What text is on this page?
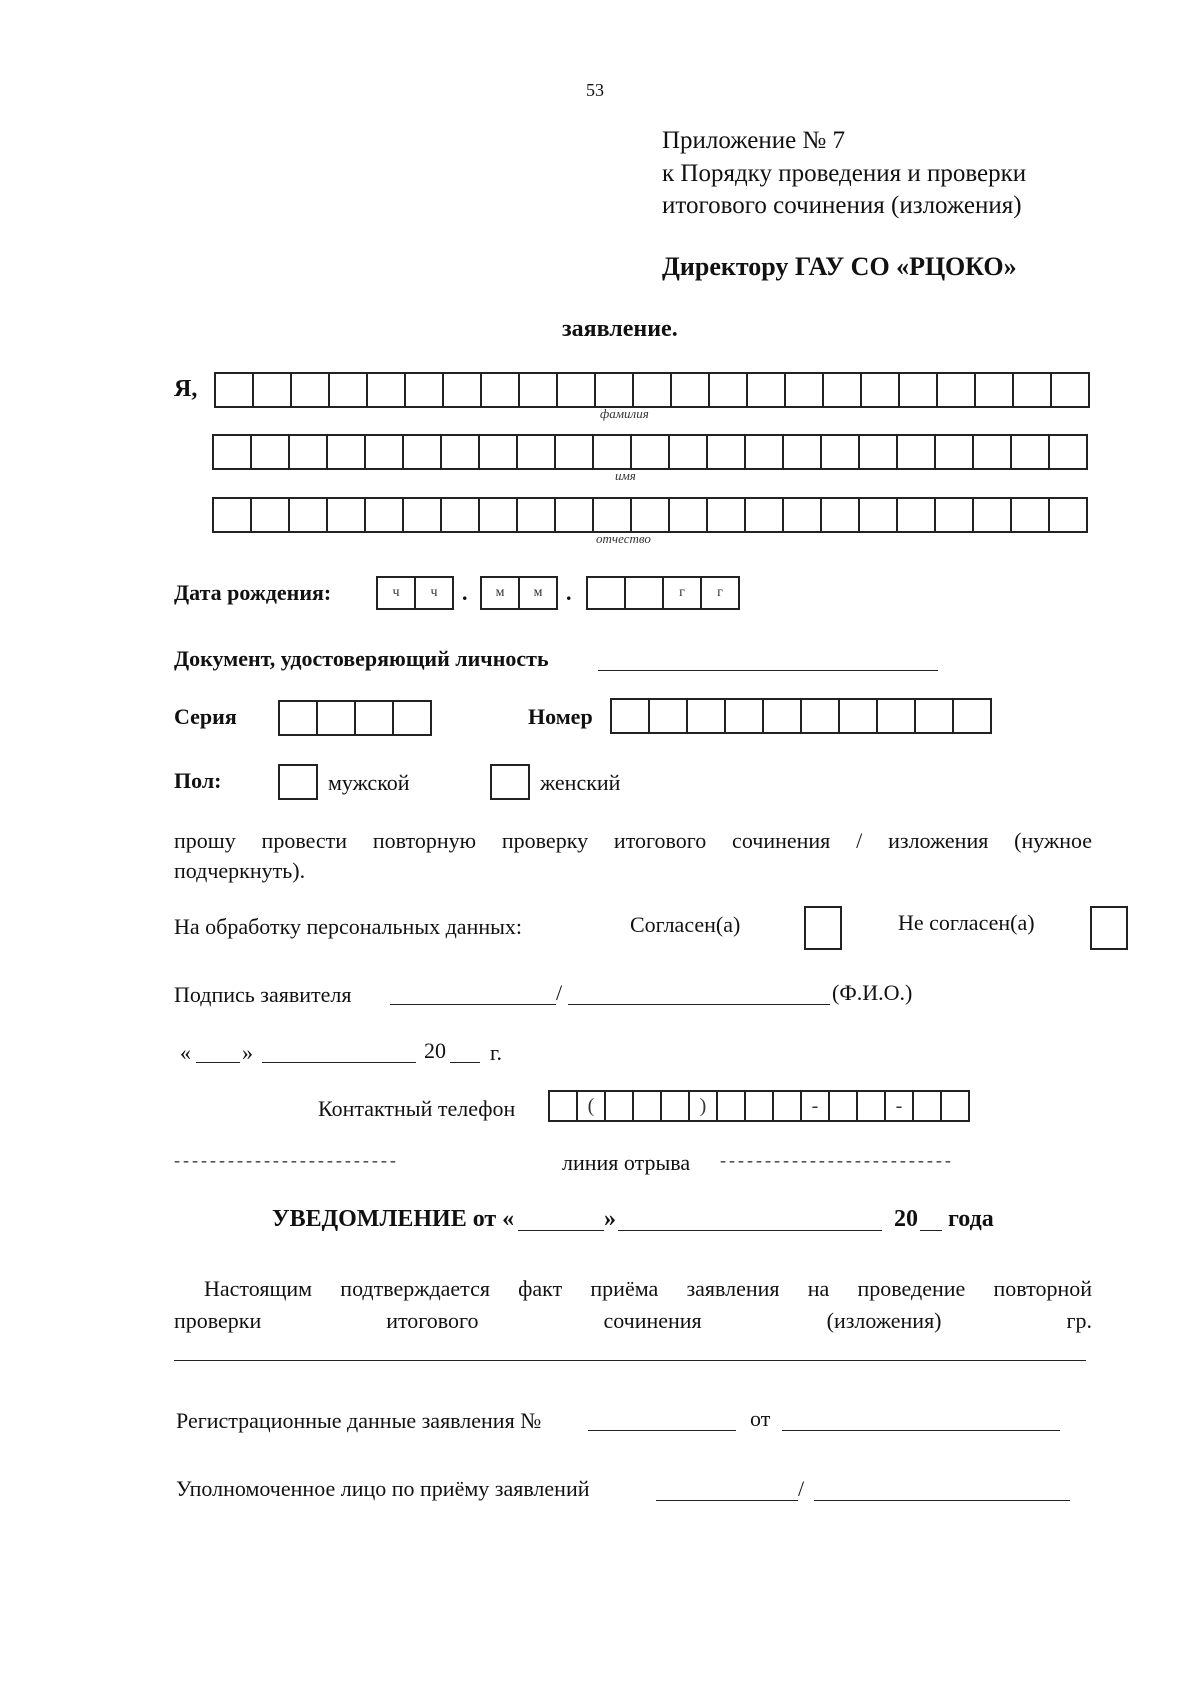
53
Приложение № 7
к Порядку проведения и проверки
итогового сочинения (изложения)
Директору ГАУ СО «РЦОКО»
заявление.
Я,
фамилия
имя
отчество
Дата рождения:	ч	ч	.	м	м	.	г	г
Документ, удостоверяющий личность
Серия	Номер
Пол:	мужской	женский
прошу провести повторную проверку итогового сочинения / изложения (нужное
подчеркнуть).
На обработку персональных данных:	Согласен(а)	Не согласен(а)
Подпись заявителя	/	(Ф.И.О.)
« »	20 г.
Контактный телефон	(	)	-	-
-------------------------	линия отрыва --------------------------
УВЕДОМЛЕНИЕ от «	»	20 года
Настоящим подтверждается факт приёма заявления на проведение повторной
проверки	итогового	сочинения	(изложения)	гр.
Регистрационные данные заявления №	от
Уполномоченное лицо по приёму заявлений	/
